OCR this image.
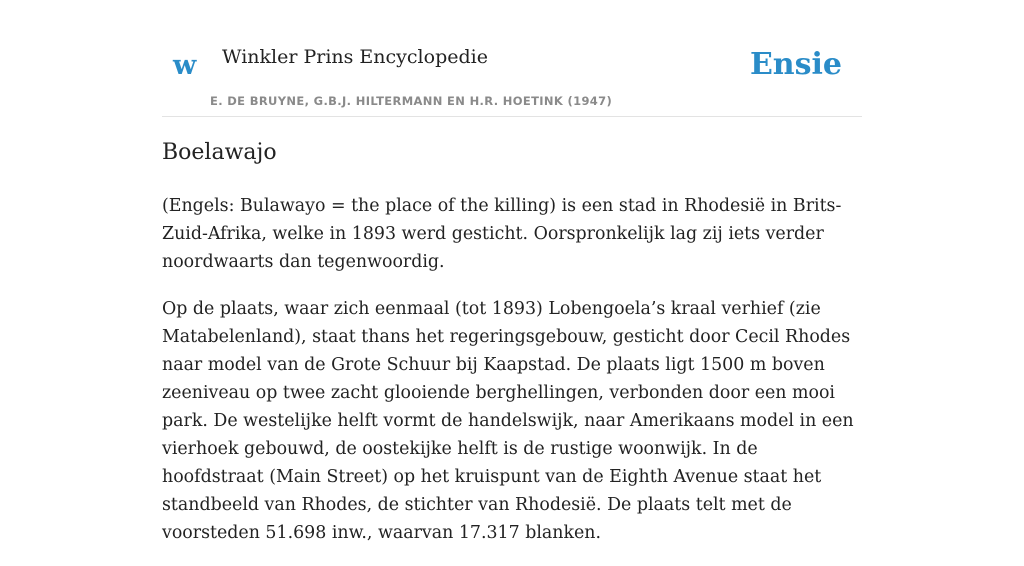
w Winkler Prins Encyclopedie
E. DE BRUYNE, G.B.J. HILTERMANN EN H.R. HOETINK (1947)
Ensie
Boelawajo

(Engels: Bulawayo = the place of the killing) is een stad in Rhodesië in Brits-Zuid-Afrika, welke in 1893 werd gesticht. Oorspronkelijk lag zij iets verder noordwaarts dan tegenwoordig.

Op de plaats, waar zich eenmaal (tot 1893) Lobengoela’s kraal verhief (zie Matabelenland), staat thans het regeringsgebouw, gesticht door Cecil Rhodes naar model van de Grote Schuur bij Kaapstad. De plaats ligt 1500 m boven zeeniveau op twee zacht glooiende berghellingen, verbonden door een mooi park. De westelijke helft vormt de handelswijk, naar Amerikaans model in een vierhoek gebouwd, de oostekijke helft is de rustige woonwijk. In de hoofdstraat (Main Street) op het kruispunt van de Eighth Avenue staat het standbeeld van Rhodes, de stichter van Rhodesië. De plaats telt met de voorsteden 51.698 inw., waarvan 17.317 blanken.
